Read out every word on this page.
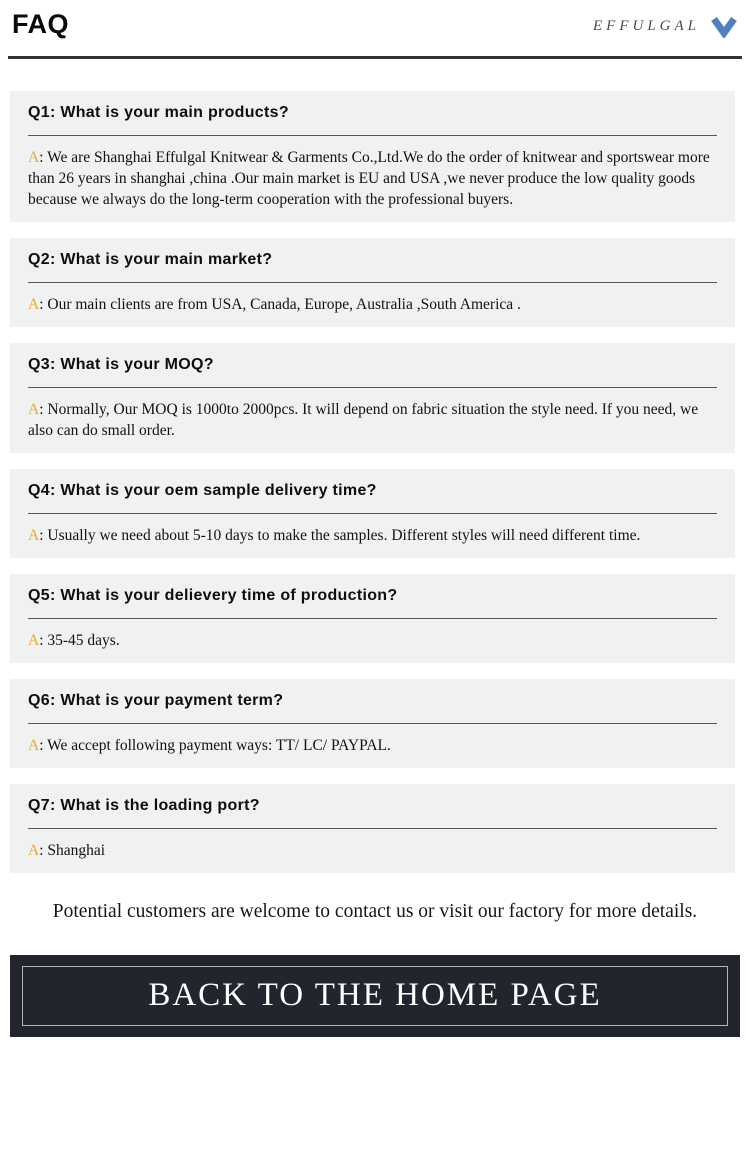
FAQ	EFFULGAL
Q1: What is your main products?

A: We are Shanghai Effulgal Knitwear & Garments Co.,Ltd.We do the order of knitwear and sportswear more than 26 years in shanghai ,china .Our main market is EU and USA ,we never produce the low quality goods because we always do the long-term cooperation with the professional buyers.

Q2: What is your main market?

A: Our main clients are from USA, Canada, Europe, Australia ,South America .

Q3: What is your MOQ?

A: Normally, Our MOQ is 1000to 2000pcs. It will depend on fabric situation the style need. If you need, we also can do small order.

Q4: What is your oem sample delivery time?

A: Usually we need about 5-10 days to make the samples. Different styles will need different time.

Q5: What is your delievery time of production?

A: 35-45 days.

Q6: What is your payment term?

A: We accept following payment ways: TT/ LC/ PAYPAL.

Q7: What is the loading port?

A: Shanghai

Potential customers are welcome to contact us or visit our factory for more details.

BACK TO THE HOME PAGE
